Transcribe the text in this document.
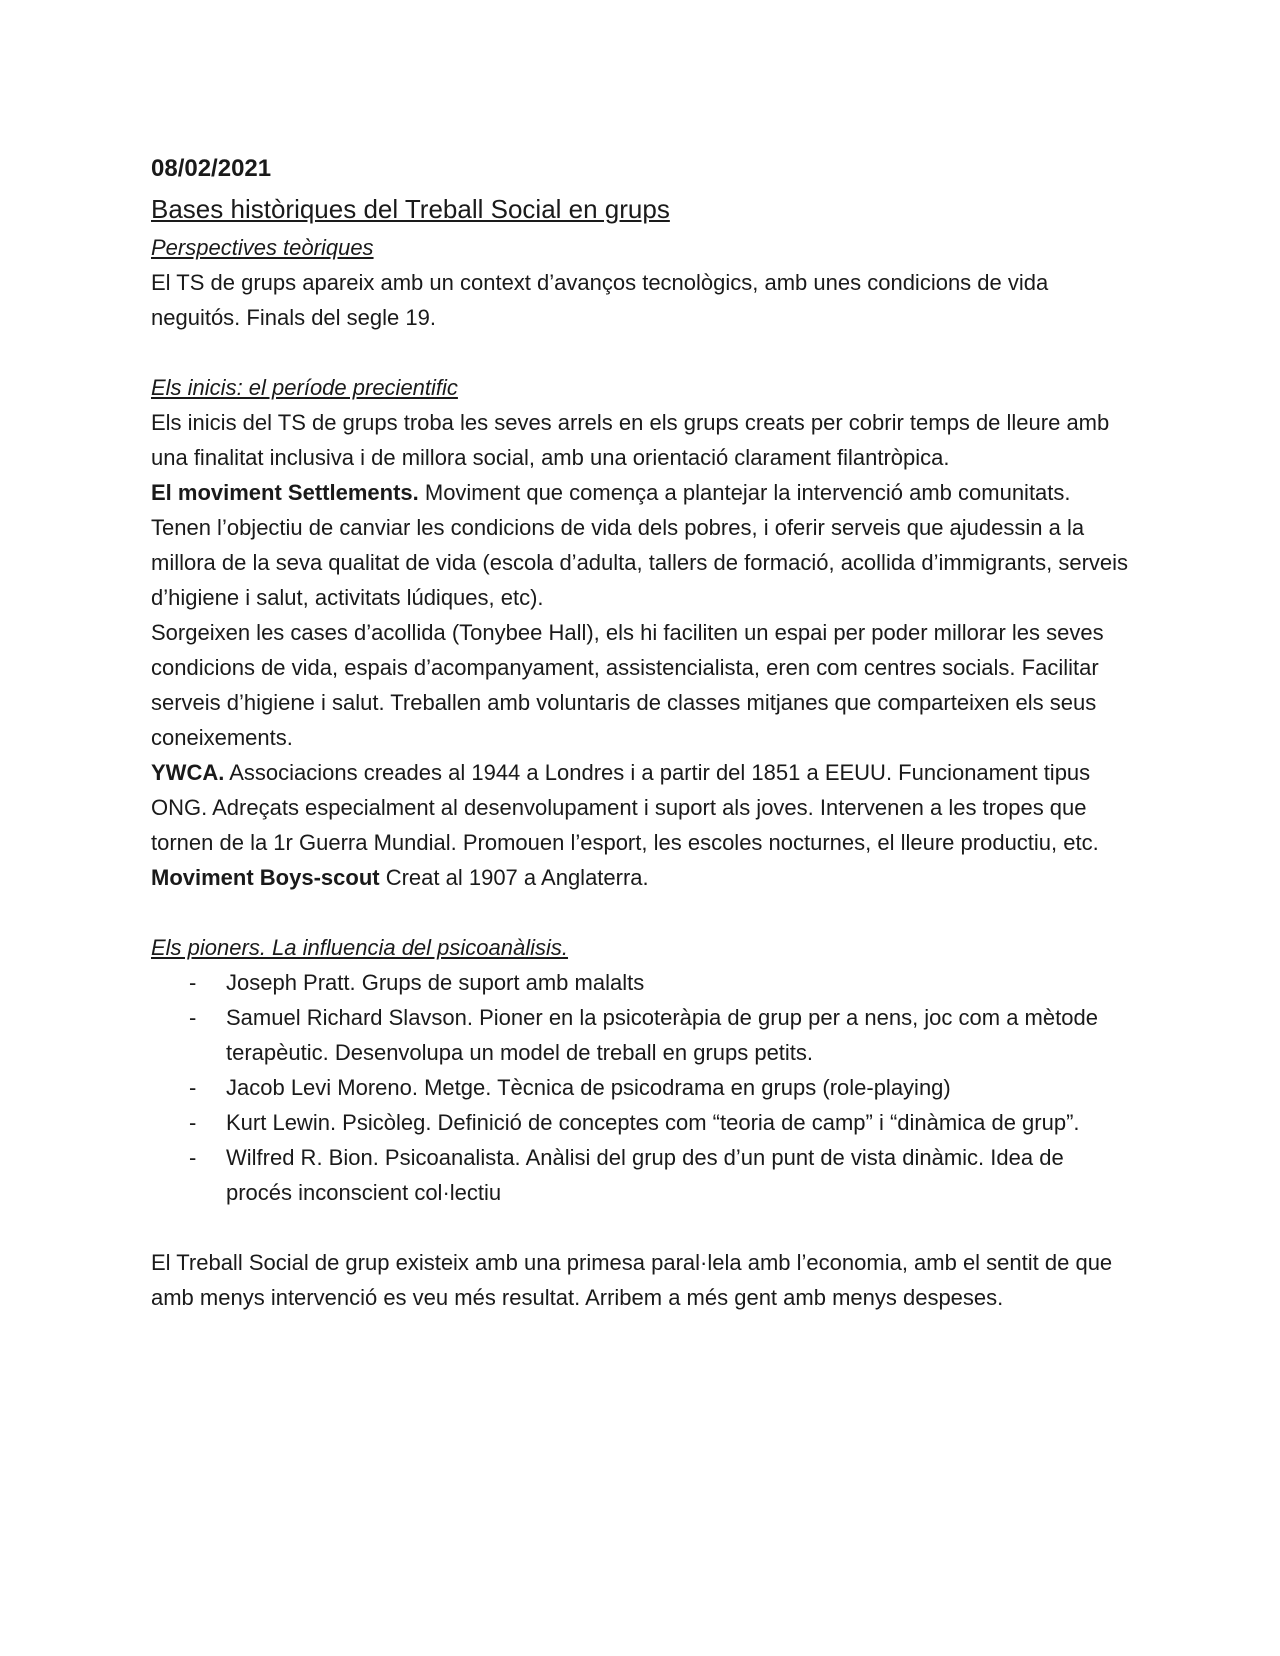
08/02/2021

Bases històriques del Treball Social en grups

Perspectives teòriques

El TS de grups apareix amb un context d’avanços tecnològics, amb unes condicions de vida neguitós. Finals del segle 19.

Els inicis: el període precientific

Els inicis del TS de grups troba les seves arrels en els grups creats per cobrir temps de lleure amb una finalitat inclusiva i de millora social, amb una orientació clarament filantròpica.

El moviment Settlements. Moviment que comença a plantejar la intervenció amb comunitats. Tenen l’objectiu de canviar les condicions de vida dels pobres, i oferir serveis que ajudessin a la millora de la seva qualitat de vida (escola d’adulta, tallers de formació, acollida d’immigrants, serveis d’higiene i salut, activitats lúdiques, etc).

Sorgeixen les cases d’acollida (Tonybee Hall), els hi faciliten un espai per poder millorar les seves condicions de vida, espais d’acompanyament, assistencialista, eren com centres socials. Facilitar serveis d’higiene i salut. Treballen amb voluntaris de classes mitjanes que comparteixen els seus coneixements.

YWCA. Associacions creades al 1944 a Londres i a partir del 1851 a EEUU. Funcionament tipus ONG. Adreçats especialment al desenvolupament i suport als joves. Intervenen a les tropes que tornen de la 1r Guerra Mundial. Promouen l’esport, les escoles nocturnes, el lleure productiu, etc.

Moviment Boys-scout Creat al 1907 a Anglaterra.

Els pioners. La influencia del psicoanàlisis.

- Joseph Pratt. Grups de suport amb malalts
- Samuel Richard Slavson. Pioner en la psicoteràpia de grup per a nens, joc com a mètode terapèutic. Desenvolupa un model de treball en grups petits.
- Jacob Levi Moreno. Metge. Tècnica de psicodrama en grups (role-playing)
- Kurt Lewin. Psicòleg. Definició de conceptes com “teoria de camp” i “dinàmica de grup”.
- Wilfred R. Bion. Psicoanalista. Anàlisi del grup des d’un punt de vista dinàmic. Idea de procés inconscient col·lectiu

El Treball Social de grup existeix amb una primesa paral·lela amb l’economia, amb el sentit de que amb menys intervenció es veu més resultat. Arribem a més gent amb menys despeses.
